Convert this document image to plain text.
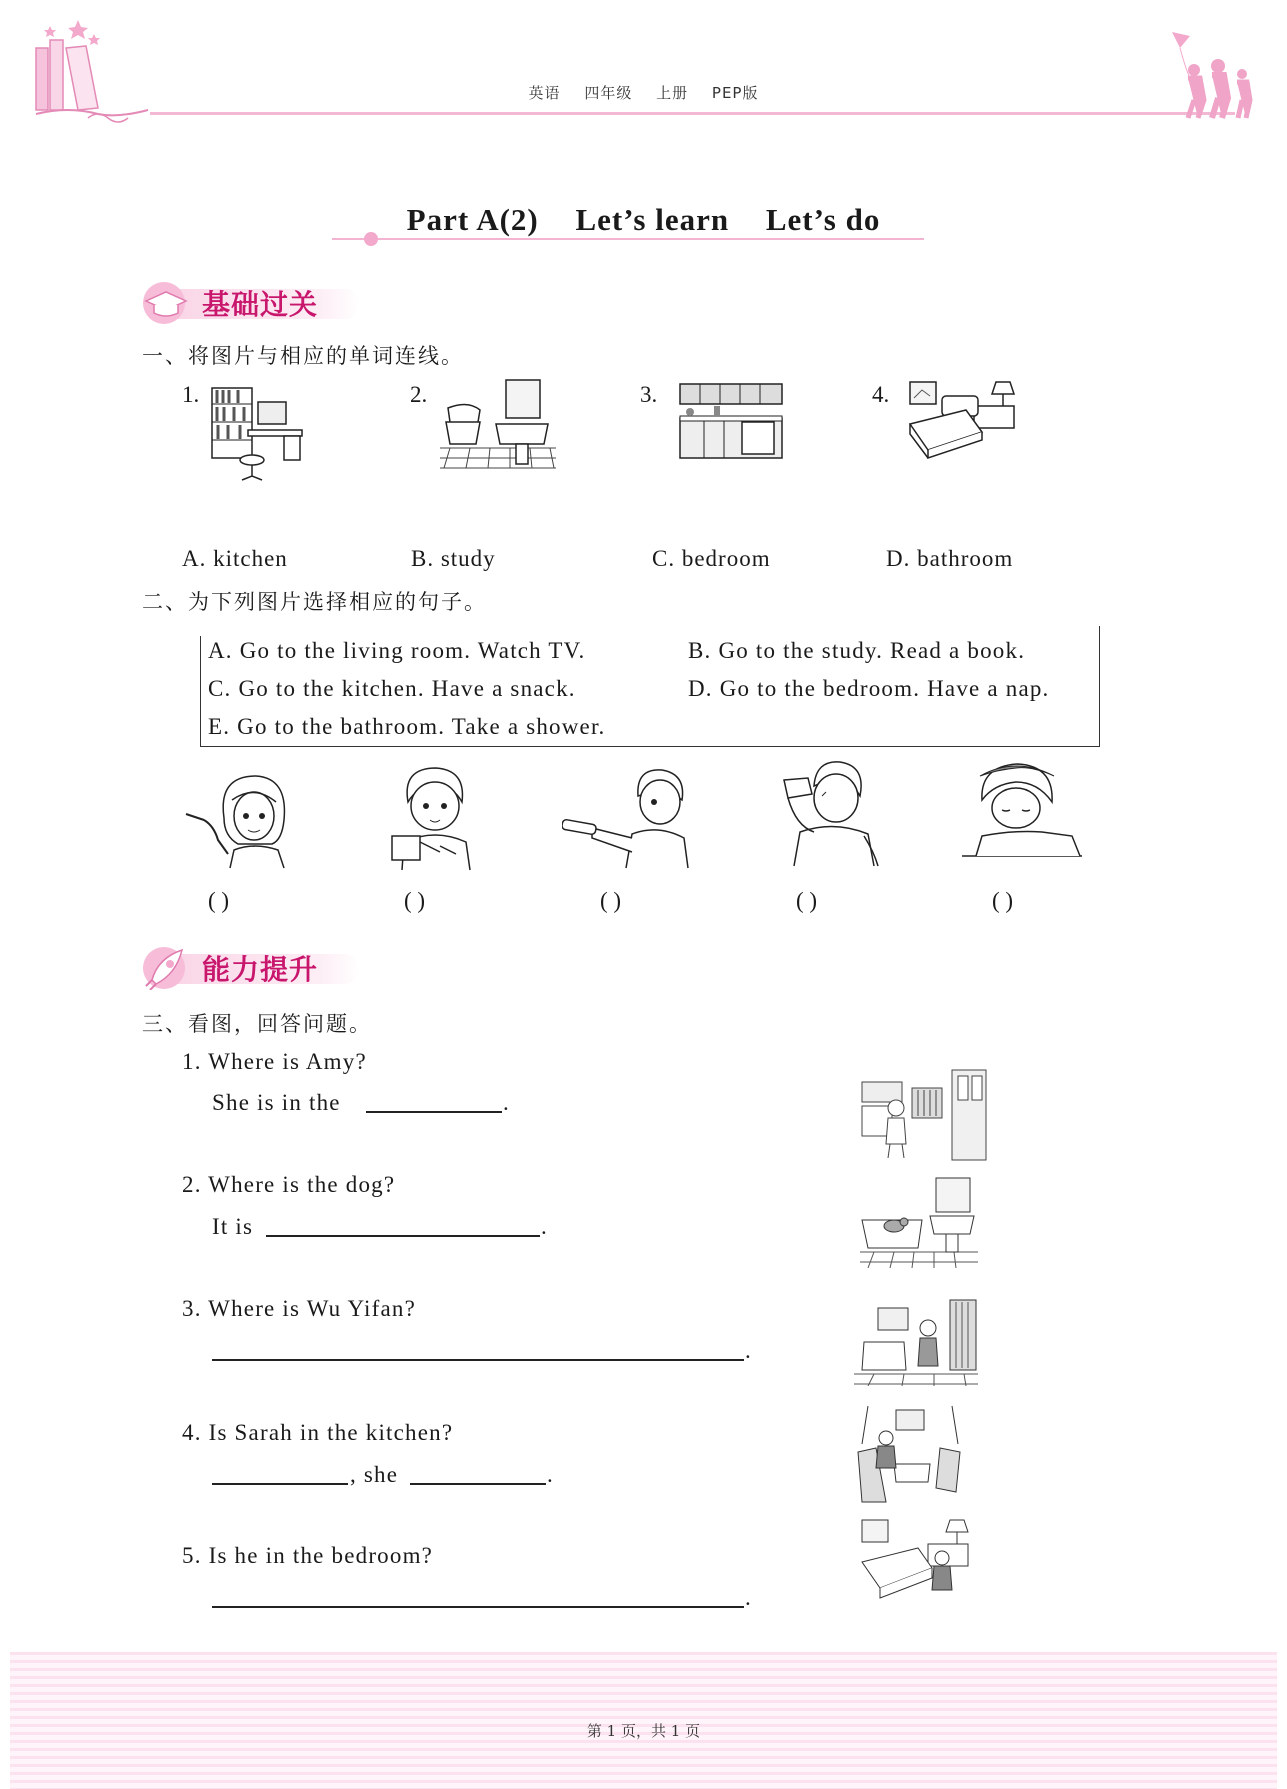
英语 四年级 上册 PEP版
Part A(2) Let’s learn Let’s do
基础过关
一、将图片与相应的单词连线。
1.	2.	3.	4.
A. kitchen	B. study	C. bedroom	D. bathroom
二、为下列图片选择相应的句子。
A. Go to the living room. Watch TV.	B. Go to the study. Read a book.
C. Go to the kitchen. Have a snack.	D. Go to the bedroom. Have a nap.
E. Go to the bathroom. Take a shower.
( )	( )	( )	( )	( )
能力提升
三、看图，回答问题。
1. Where is Amy?
She is in the	.
2. Where is the dog?
It is	.
3. Where is Wu Yifan?
.
4. Is Sarah in the kitchen?
, she	.
5. Is he in the bedroom?
.
第 1 页，共 1 页
